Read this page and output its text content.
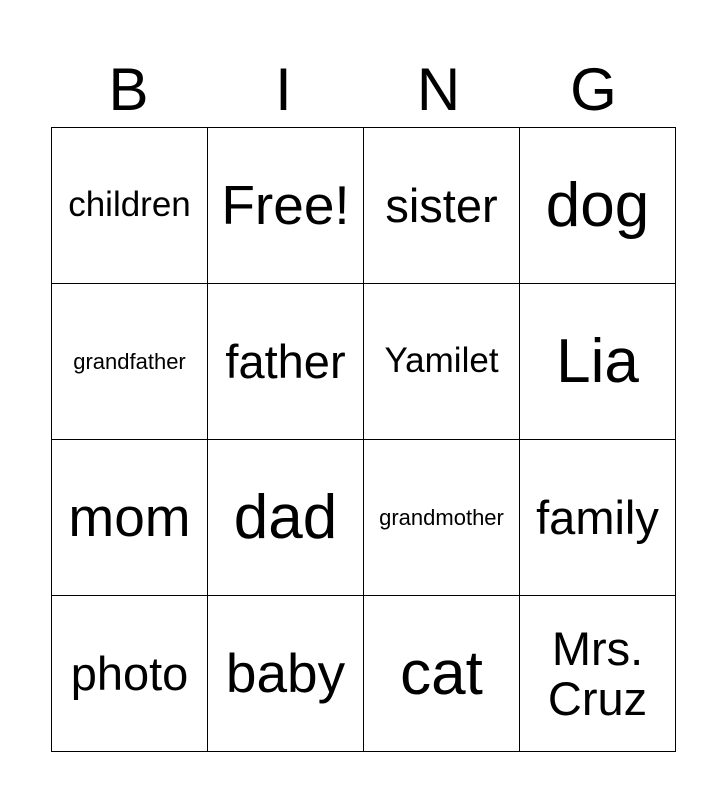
B	I	N	G
children	Free!	sister	dog
grandfather	father	Yamilet	Lia
mom	dad	grandmother	family
photo	baby	cat	Mrs. Cruz
